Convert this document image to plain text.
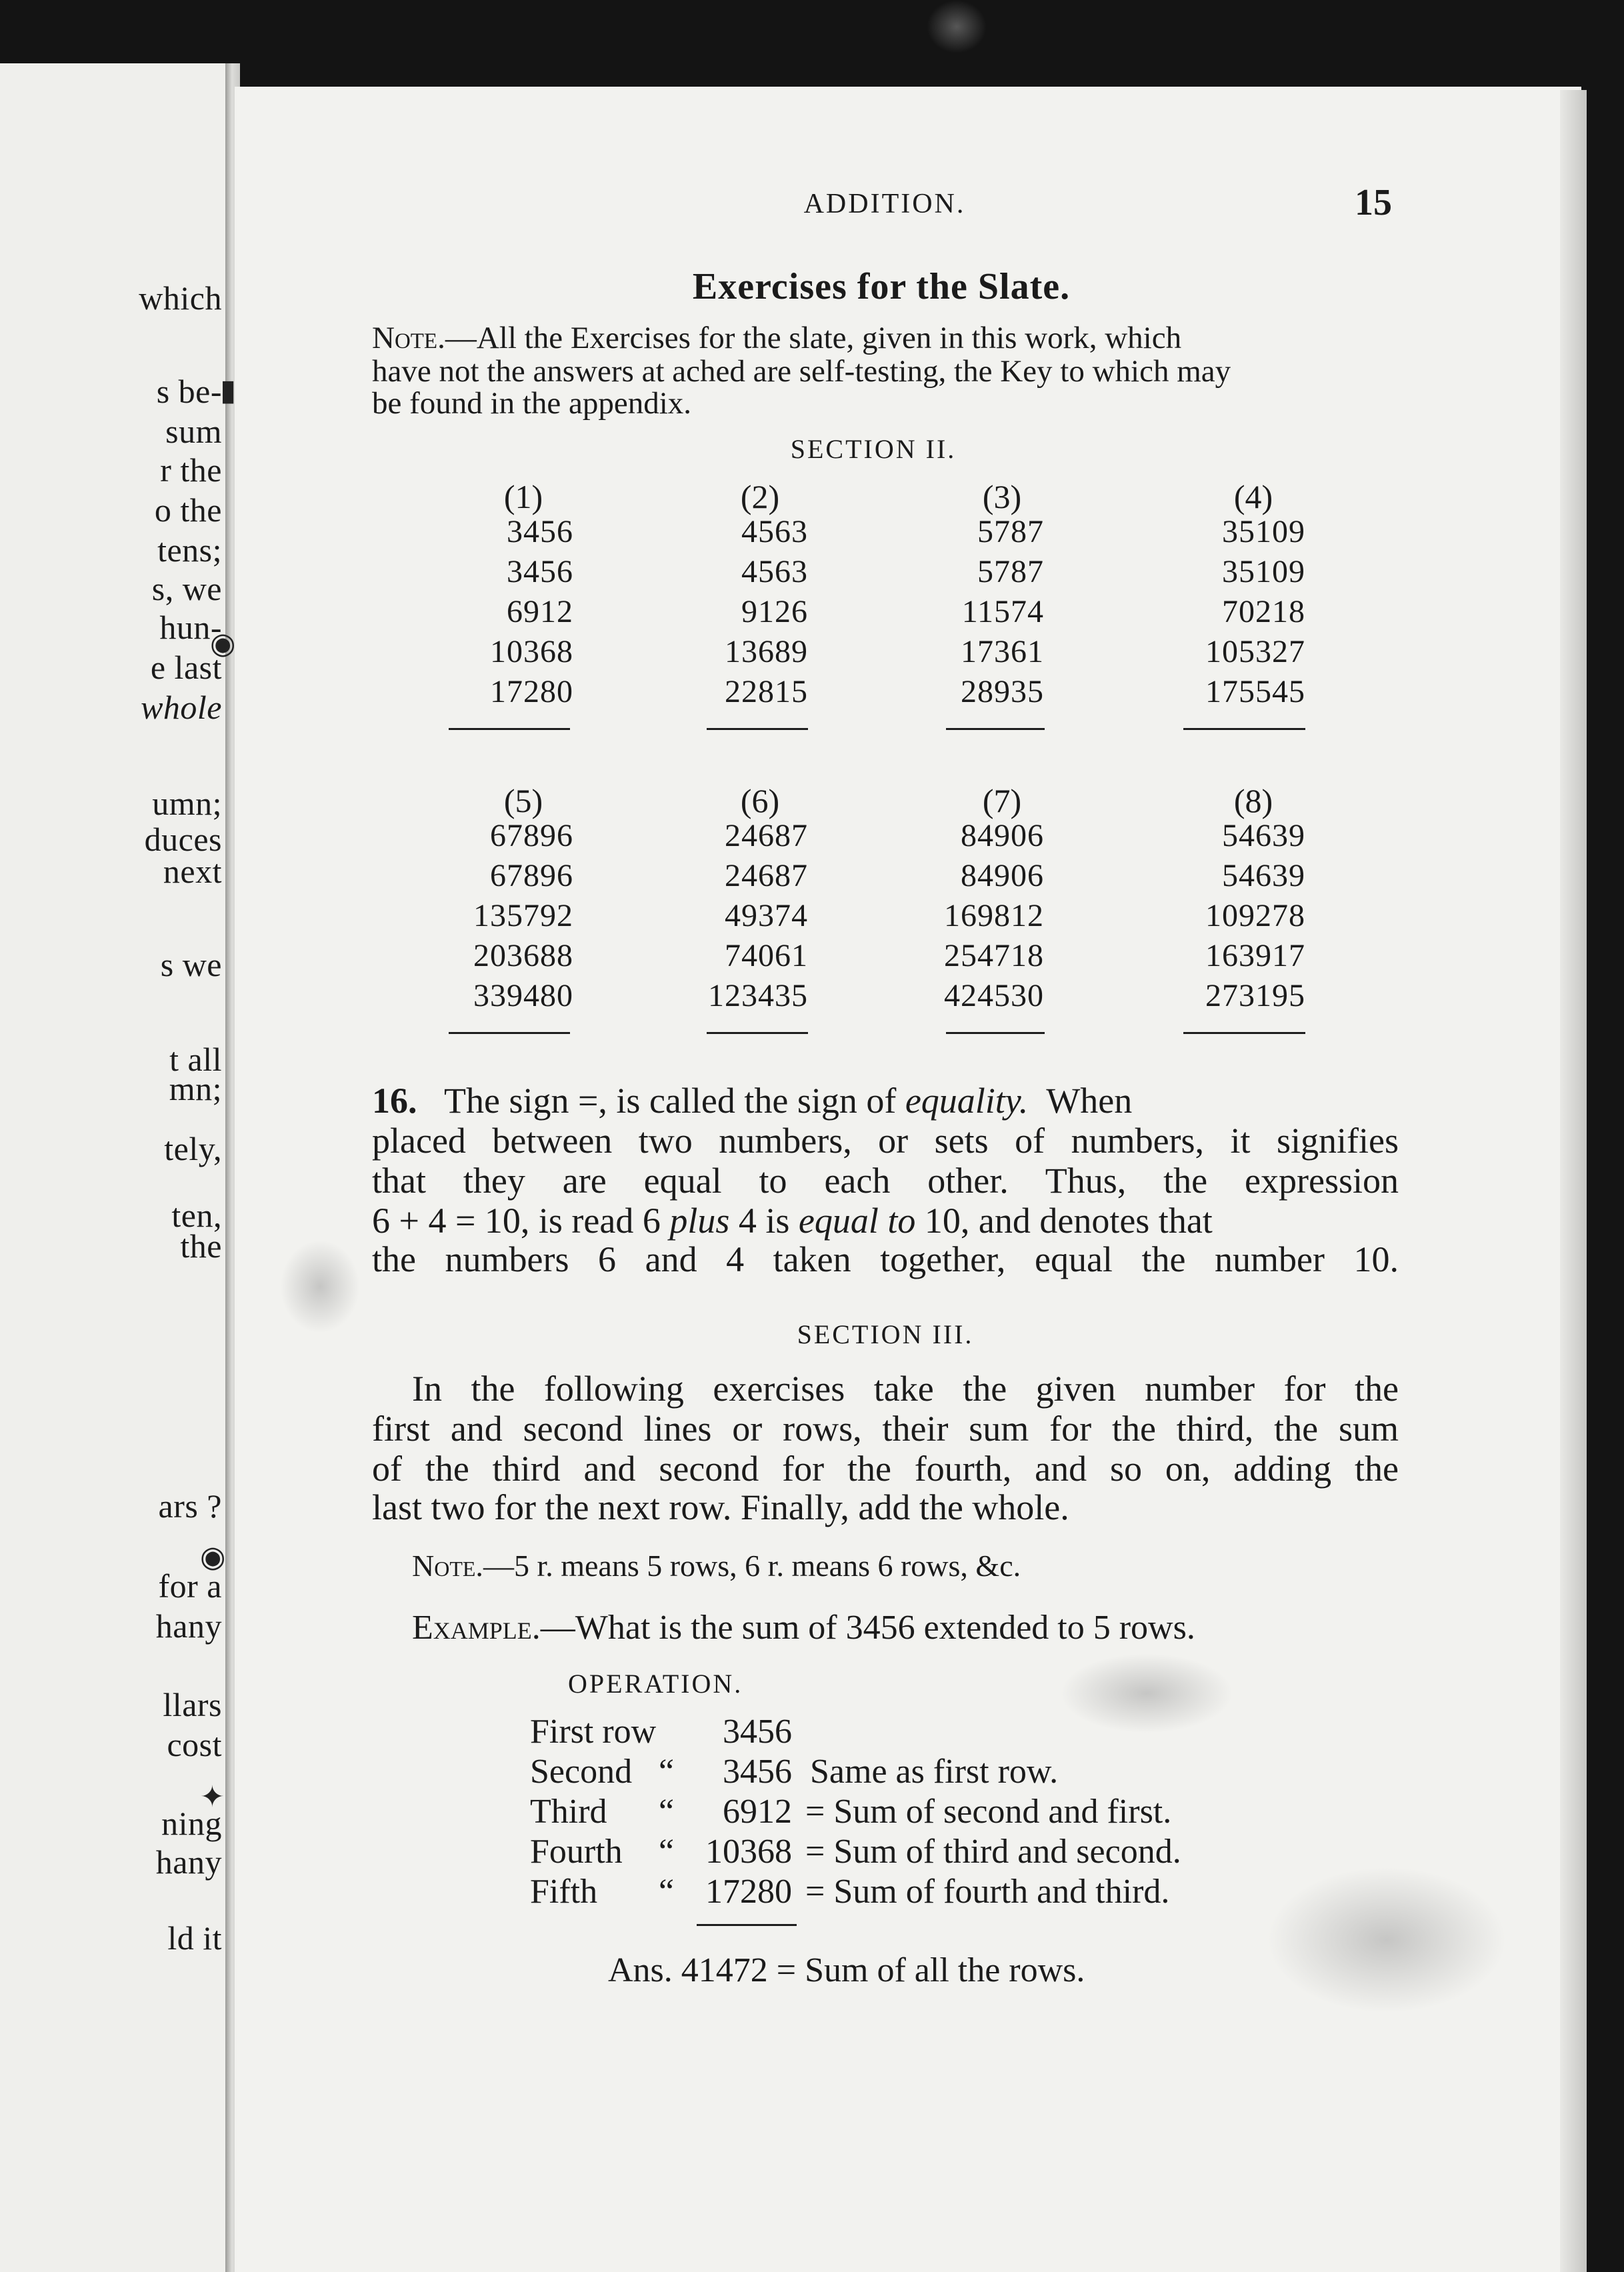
which
s be-
sum
r the
o the
tens;
s, we
hun-
e last
whole
umn;
duces
next
s we
t all
mn;
tely,
ten,
the
ars ?
for a
hany
llars
cost
ning
hany
ld it
▮
◉
◉
✦
ADDITION.	15
Exercises for the Slate.
Note.—All the Exercises for the slate, given in this work, which
have not the answers at ached are self-testing, the Key to which may
be found in the appendix.
SECTION II.
(1)
3456
3456
6912
10368
17280
(2)
4563
4563
9126
13689
22815
(3)
5787
5787
11574
17361
28935
(4)
35109
35109
70218
105327
175545
(5)
67896
67896
135792
203688
339480
(6)
24687
24687
49374
74061
123435
(7)
84906
84906
169812
254718
424530
(8)
54639
54639
109278
163917
273195
16. The sign =, is called the sign of equality. When
placed between two numbers, or sets of numbers, it signifies
that they are equal to each other. Thus, the expression
6 + 4 = 10, is read 6 plus 4 is equal to 10, and denotes that
the numbers 6 and 4 taken together, equal the number 10.
SECTION III.
In the following exercises take the given number for the
first and second lines or rows, their sum for the third, the sum
of the third and second for the fourth, and so on, adding the
last two for the next row. Finally, add the whole.
Note.—5 r. means 5 rows, 6 r. means 6 rows, &c.
Example.—What is the sum of 3456 extended to 5 rows.
OPERATION.
First row 3456
Second “ 3456 Same as first row.
Third “ 6912 = Sum of second and first.
Fourth “ 10368 = Sum of third and second.
Fifth “ 17280 = Sum of fourth and third.
Ans. 41472 = Sum of all the rows.
